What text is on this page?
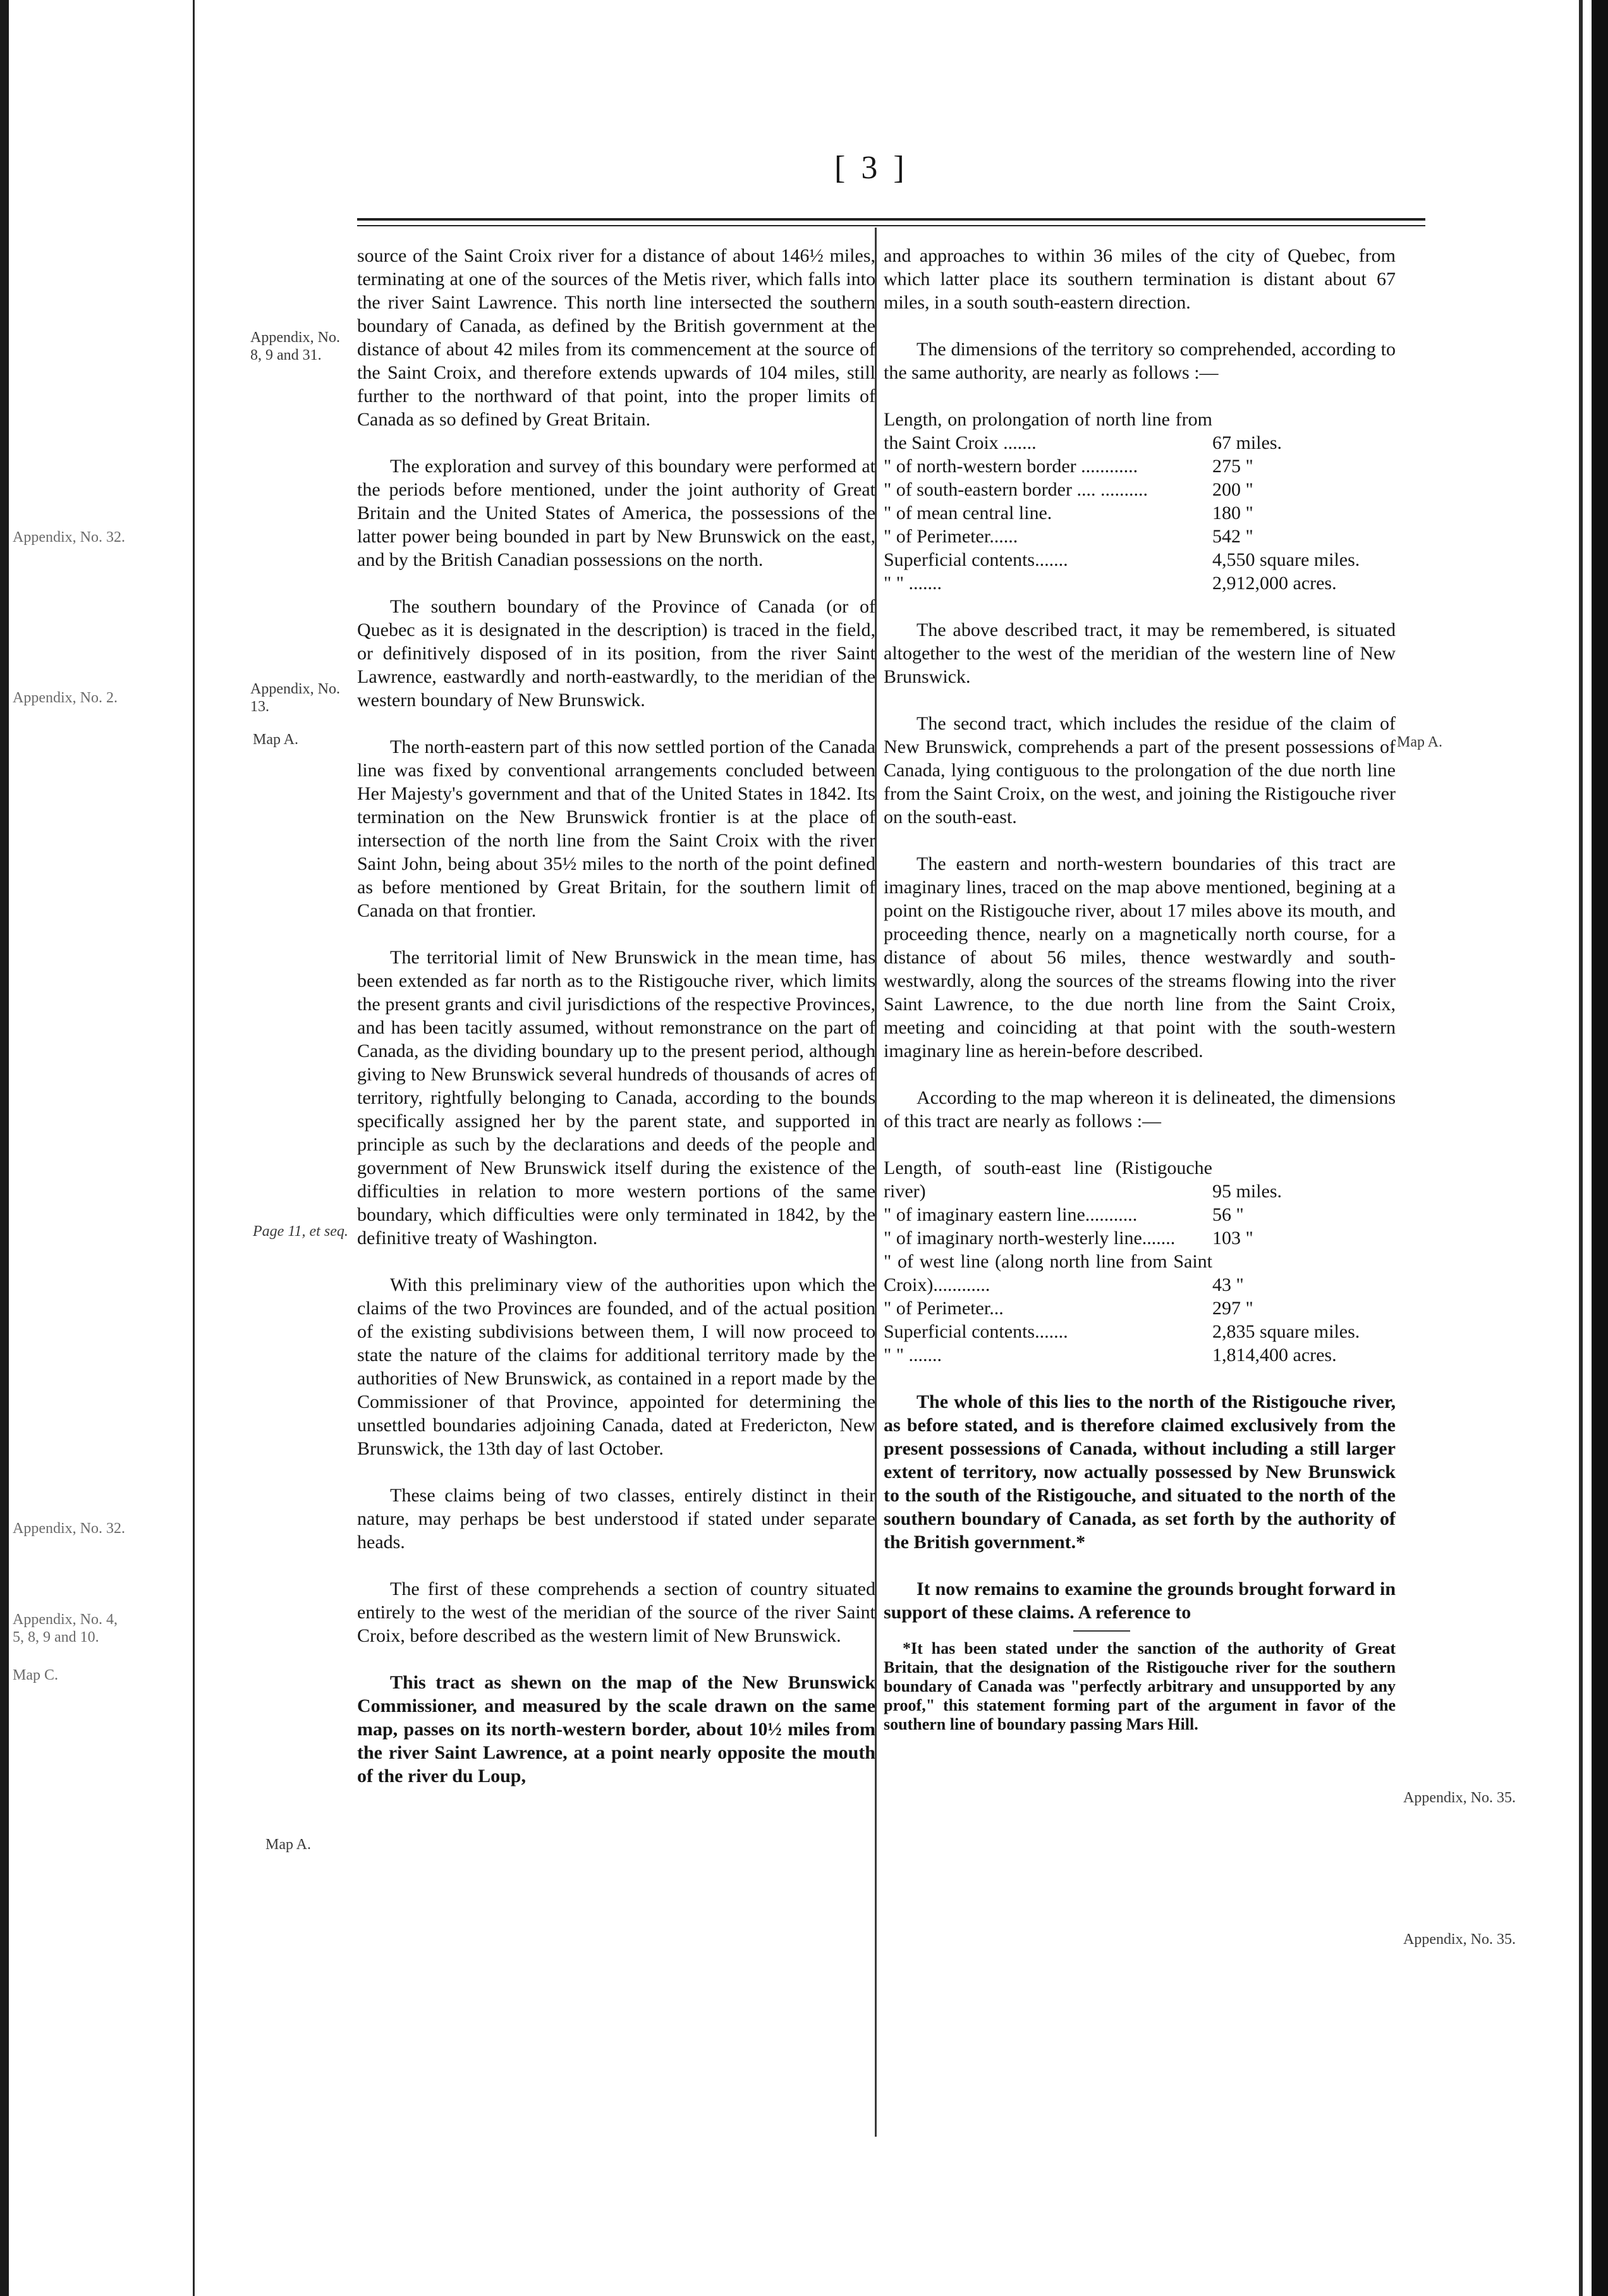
[ 3 ]
Appendix, No. 32.
Appendix, No. 2.
Appendix, No. 32.
Appendix, No. 4, 5, 8, 9 and 10.
Map C.
Appendix, No. 8, 9 and 31.
Appendix, No. 13.
Map A.
Page 11, et seq.
Map A.
Map A.
Appendix, No. 35.
Appendix, No. 35.

source of the Saint Croix river for a distance of about 146½ miles, terminating at one of the sources of the Metis river, which falls into the river Saint Lawrence. This north line intersected the southern boundary of Canada, as defined by the British government at the distance of about 42 miles from its commencement at the source of the Saint Croix, and therefore extends upwards of 104 miles, still further to the northward of that point, into the proper limits of Canada as so defined by Great Britain.

The exploration and survey of this boundary were performed at the periods before mentioned, under the joint authority of Great Britain and the United States of America, the possessions of the latter power being bounded in part by New Brunswick on the east, and by the British Canadian possessions on the north.

The southern boundary of the Province of Canada (or of Quebec as it is designated in the description) is traced in the field, or definitively disposed of in its position, from the river Saint Lawrence, eastwardly and north-eastwardly, to the meridian of the western boundary of New Brunswick.

The north-eastern part of this now settled portion of the Canada line was fixed by conventional arrangements concluded between Her Majesty's government and that of the United States in 1842. Its termination on the New Brunswick frontier is at the place of intersection of the north line from the Saint Croix with the river Saint John, being about 35½ miles to the north of the point defined as before mentioned by Great Britain, for the southern limit of Canada on that frontier.

The territorial limit of New Brunswick in the mean time, has been extended as far north as to the Ristigouche river, which limits the present grants and civil jurisdictions of the respective Provinces, and has been tacitly assumed, without remonstrance on the part of Canada, as the dividing boundary up to the present period, although giving to New Brunswick several hundreds of thousands of acres of territory, rightfully belonging to Canada, according to the bounds specifically assigned her by the parent state, and supported in principle as such by the declarations and deeds of the people and government of New Brunswick itself during the existence of the difficulties in relation to more western portions of the same boundary, which difficulties were only terminated in 1842, by the definitive treaty of Washington.

With this preliminary view of the authorities upon which the claims of the two Provinces are founded, and of the actual position of the existing subdivisions between them, I will now proceed to state the nature of the claims for additional territory made by the authorities of New Brunswick, as contained in a report made by the Commissioner of that Province, appointed for determining the unsettled boundaries adjoining Canada, dated at Fredericton, New Brunswick, the 13th day of last October.

These claims being of two classes, entirely distinct in their nature, may perhaps be best understood if stated under separate heads.

The first of these comprehends a section of country situated entirely to the west of the meridian of the source of the river Saint Croix, before described as the western limit of New Brunswick.

This tract as shewn on the map of the New Brunswick Commissioner, and measured by the scale drawn on the same map, passes on its north-western border, about 10½ miles from the river Saint Lawrence, at a point nearly opposite the mouth of the river du Loup,

and approaches to within 36 miles of the city of Quebec, from which latter place its southern termination is distant about 67 miles, in a south south-eastern direction.

The dimensions of the territory so comprehended, according to the same authority, are nearly as follows :—

Length, on prolongation of north line from the Saint Croix .......	67 miles.
" of north-western border ............	275 "
" of south-eastern border .... ..........	200 "
" of mean central line.	180 "
" of Perimeter......	542 "
Superficial contents.......	4,550 square miles.
" " .......	2,912,000 acres.

The above described tract, it may be remembered, is situated altogether to the west of the meridian of the western line of New Brunswick.

The second tract, which includes the residue of the claim of New Brunswick, comprehends a part of the present possessions of Canada, lying contiguous to the prolongation of the due north line from the Saint Croix, on the west, and joining the Ristigouche river on the south-east.

The eastern and north-western boundaries of this tract are imaginary lines, traced on the map above mentioned, begining at a point on the Ristigouche river, about 17 miles above its mouth, and proceeding thence, nearly on a magnetically north course, for a distance of about 56 miles, thence westwardly and south-westwardly, along the sources of the streams flowing into the river Saint Lawrence, to the due north line from the Saint Croix, meeting and coinciding at that point with the south-western imaginary line as herein-before described.

According to the map whereon it is delineated, the dimensions of this tract are nearly as follows :—

Length, of south-east line (Ristigouche river)	95 miles.
" of imaginary eastern line...........	56 "
" of imaginary north-westerly line.......	103 "
" of west line (along north line from Saint Croix)............	43 "
" of Perimeter...	297 "
Superficial contents.......	2,835 square miles.
" " .......	1,814,400 acres.

The whole of this lies to the north of the Ristigouche river, as before stated, and is therefore claimed exclusively from the present possessions of Canada, without including a still larger extent of territory, now actually possessed by New Brunswick to the south of the Ristigouche, and situated to the north of the southern boundary of Canada, as set forth by the authority of the British government.*

It now remains to examine the grounds brought forward in support of these claims. A reference to

*It has been stated under the sanction of the authority of Great Britain, that the designation of the Ristigouche river for the southern boundary of Canada was "perfectly arbitrary and unsupported by any proof," this statement forming part of the argument in favor of the southern line of boundary passing Mars Hill.
